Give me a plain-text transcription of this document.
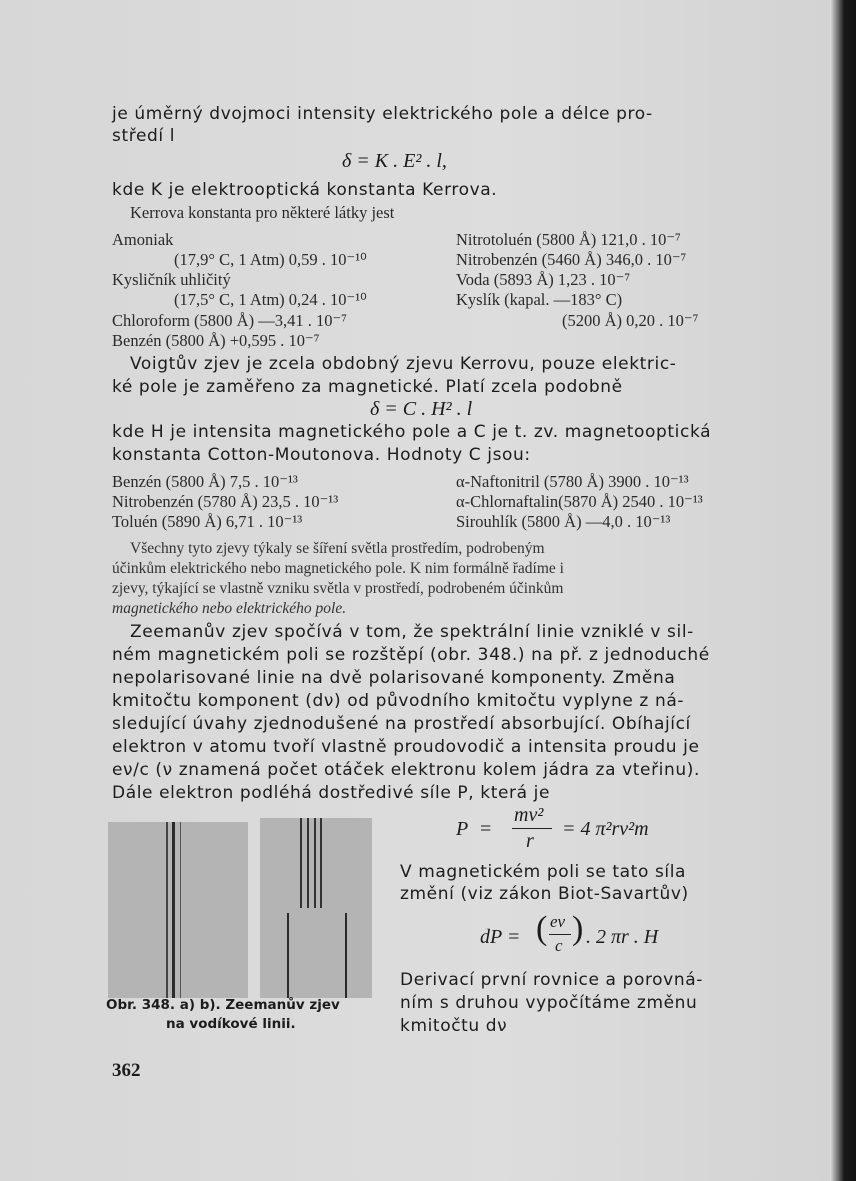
je úměrný dvojmoci intensity elektrického pole a délce pro-
středí l
δ = K . E² . l,
kde K je elektrooptická konstanta Kerrova.
Kerrova konstanta pro některé látky jest
Amoniak
(17,9° C, 1 Atm) 0,59 . 10⁻¹⁰
Kysličník uhličitý
(17,5° C, 1 Atm) 0,24 . 10⁻¹⁰
Chloroform (5800 Å) —3,41 . 10⁻⁷
Benzén (5800 Å) +0,595 . 10⁻⁷
Nitrotoluén (5800 Å) 121,0 . 10⁻⁷
Nitrobenzén (5460 Å) 346,0 . 10⁻⁷
Voda (5893 Å) 1,23 . 10⁻⁷
Kyslík (kapal. —183° C)
(5200 Å) 0,20 . 10⁻⁷
Voigtův zjev je zcela obdobný zjevu Kerrovu, pouze elektric-
ké pole je zaměřeno za magnetické. Platí zcela podobně
δ = C . H² . l
kde H je intensita magnetického pole a C je t. zv. magnetooptická
konstanta Cotton-Moutonova. Hodnoty C jsou:
Benzén (5800 Å) 7,5 . 10⁻¹³
Nitrobenzén (5780 Å) 23,5 . 10⁻¹³
Toluén (5890 Å) 6,71 . 10⁻¹³
α-Naftonitril (5780 Å) 3900 . 10⁻¹³
α-Chlornaftalin(5870 Å) 2540 . 10⁻¹³
Sirouhlík (5800 Å) —4,0 . 10⁻¹³
Všechny tyto zjevy týkaly se šíření světla prostředím, podrobeným
účinkům elektrického nebo magnetického pole. K nim formálně řadíme i
zjevy, týkající se vlastně vzniku světla v prostředí, podrobeném účinkům
magnetického nebo elektrického pole.
Zeemanův zjev spočívá v tom, že spektrální linie vzniklé v sil-
ném magnetickém poli se rozštěpí (obr. 348.) na př. z jednoduché
nepolarisované linie na dvě polarisované komponenty. Změna
kmitočtu komponent (dν) od původního kmitočtu vyplyne z ná-
sledující úvahy zjednodušené na prostředí absorbující. Obíhající
elektron v atomu tvoří vlastně proudovodič a intensita proudu je
eν/c (ν znamená počet otáček elektronu kolem jádra za vteřinu).
Dále elektron podléhá dostředivé síle P, která je
Obr. 348. a) b). Zeemanův zjev
na vodíkové linii.
P =
mv²
r
= 4 π²rν²m
V magnetickém poli se tato síla
změní (viz zákon Biot-Savartův)
dP = ( eν
c ) . 2 πr . H
Derivací první rovnice a porovná-
ním s druhou vypočítáme změnu
kmitočtu dν
362
